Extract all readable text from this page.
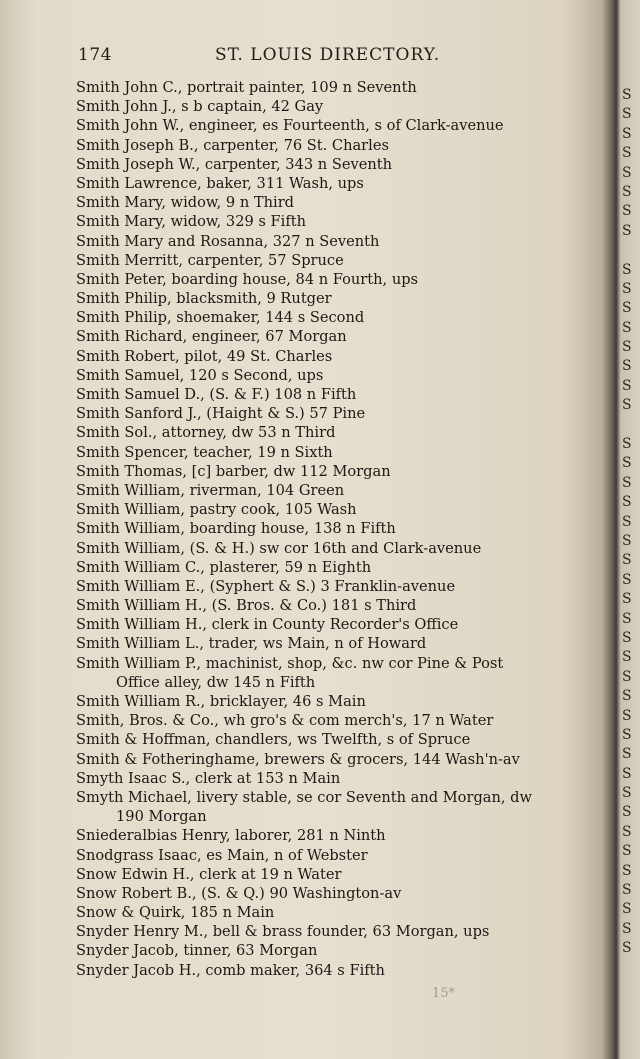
174	ST. LOUIS DIRECTORY.
Smith John C., portrait painter, 109 n Seventh
Smith John J., s b captain, 42 Gay
Smith John W., engineer, es Fourteenth, s of Clark-avenue
Smith Joseph B., carpenter, 76 St. Charles
Smith Joseph W., carpenter, 343 n Seventh
Smith Lawrence, baker, 311 Wash, ups
Smith Mary, widow, 9 n Third
Smith Mary, widow, 329 s Fifth
Smith Mary and Rosanna, 327 n Seventh
Smith Merritt, carpenter, 57 Spruce
Smith Peter, boarding house, 84 n Fourth, ups
Smith Philip, blacksmith, 9 Rutger
Smith Philip, shoemaker, 144 s Second
Smith Richard, engineer, 67 Morgan
Smith Robert, pilot, 49 St. Charles
Smith Samuel, 120 s Second, ups
Smith Samuel D., (S. & F.) 108 n Fifth
Smith Sanford J., (Haight & S.) 57 Pine
Smith Sol., attorney, dw 53 n Third
Smith Spencer, teacher, 19 n Sixth
Smith Thomas, [c] barber, dw 112 Morgan
Smith William, riverman, 104 Green
Smith William, pastry cook, 105 Wash
Smith William, boarding house, 138 n Fifth
Smith William, (S. & H.) sw cor 16th and Clark-avenue
Smith William C., plasterer, 59 n Eighth
Smith William E., (Syphert & S.) 3 Franklin-avenue
Smith William H., (S. Bros. & Co.) 181 s Third
Smith William H., clerk in County Recorder's Office
Smith William L., trader, ws Main, n of Howard
Smith William P., machinist, shop, &c. nw cor Pine & Post
Office alley, dw 145 n Fifth
Smith William R., bricklayer, 46 s Main
Smith, Bros. & Co., wh gro's & com merch's, 17 n Water
Smith & Hoffman, chandlers, ws Twelfth, s of Spruce
Smith & Fotheringhame, brewers & grocers, 144 Wash'n-av
Smyth Isaac S., clerk at 153 n Main
Smyth Michael, livery stable, se cor Seventh and Morgan, dw
190 Morgan
Sniederalbias Henry, laborer, 281 n Ninth
Snodgrass Isaac, es Main, n of Webster
Snow Edwin H., clerk at 19 n Water
Snow Robert B., (S. & Q.) 90 Washington-av
Snow & Quirk, 185 n Main
Snyder Henry M., bell & brass founder, 63 Morgan, ups
Snyder Jacob, tinner, 63 Morgan
Snyder Jacob H., comb maker, 364 s Fifth
S
S
S
S
S
S
S
S
S
S
S
S
S
S
S
S
S
S
S
S
S
S
S
S
S
S
S
S
S
S
S
S
S
S
S
S
S
S
S
S
S
S
S
15*
